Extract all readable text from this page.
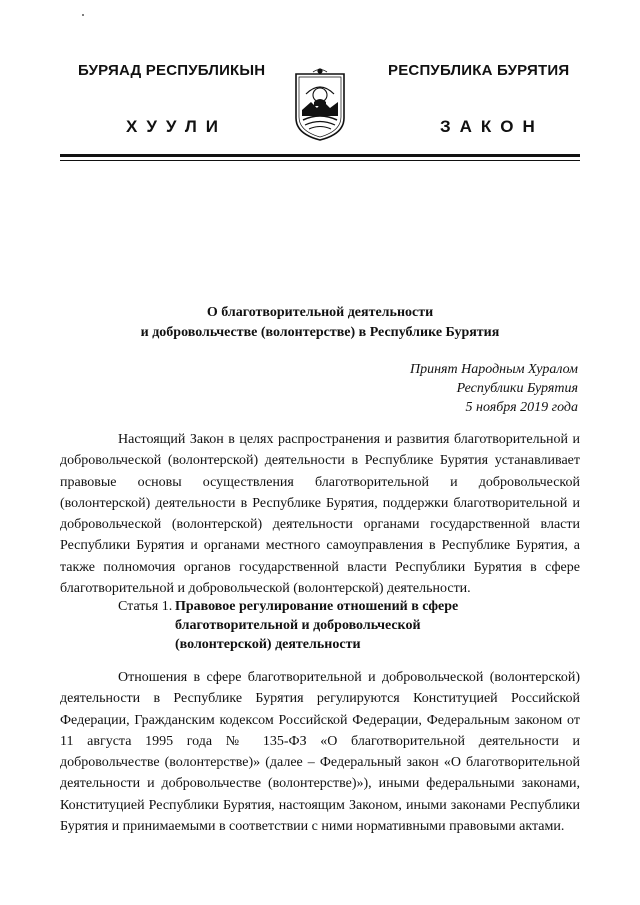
БУРЯАД РЕСПУБЛИКЫН	РЕСПУБЛИКА БУРЯТИЯ
ХУУЛИ	ЗАКОН
О благотворительной деятельности
и добровольчестве (волонтерстве) в Республике Бурятия
Принят Народным Хуралом
Республики Бурятия
5 ноября 2019 года
Настоящий Закон в целях распространения и развития благотворительной и добровольческой (волонтерской) деятельности в Республике Бурятия устанавливает правовые основы осуществления благотворительной и добровольческой (волонтерской) деятельности в Республике Бурятия, поддержки благотворительной и добровольческой (волонтерской) деятельности органами государственной власти Республики Бурятия и органами местного самоуправления в Республике Бурятия, а также полномочия органов государственной власти Республики Бурятия в сфере благотворительной и добровольческой (волонтерской) деятельности.
Статья 1. Правовое регулирование отношений в сфере благотворительной и добровольческой (волонтерской) деятельности
Отношения в сфере благотворительной и добровольческой (волонтерской) деятельности в Республике Бурятия регулируются Конституцией Российской Федерации, Гражданским кодексом Российской Федерации, Федеральным законом от 11 августа 1995 года № 135-ФЗ «О благотворительной деятельности и добровольчестве (волонтерстве)» (далее – Федеральный закон «О благотворительной деятельности и добровольчестве (волонтерстве)»), иными федеральными законами, Конституцией Республики Бурятия, настоящим Законом, иными законами Республики Бурятия и принимаемыми в соответствии с ними нормативными правовыми актами.
